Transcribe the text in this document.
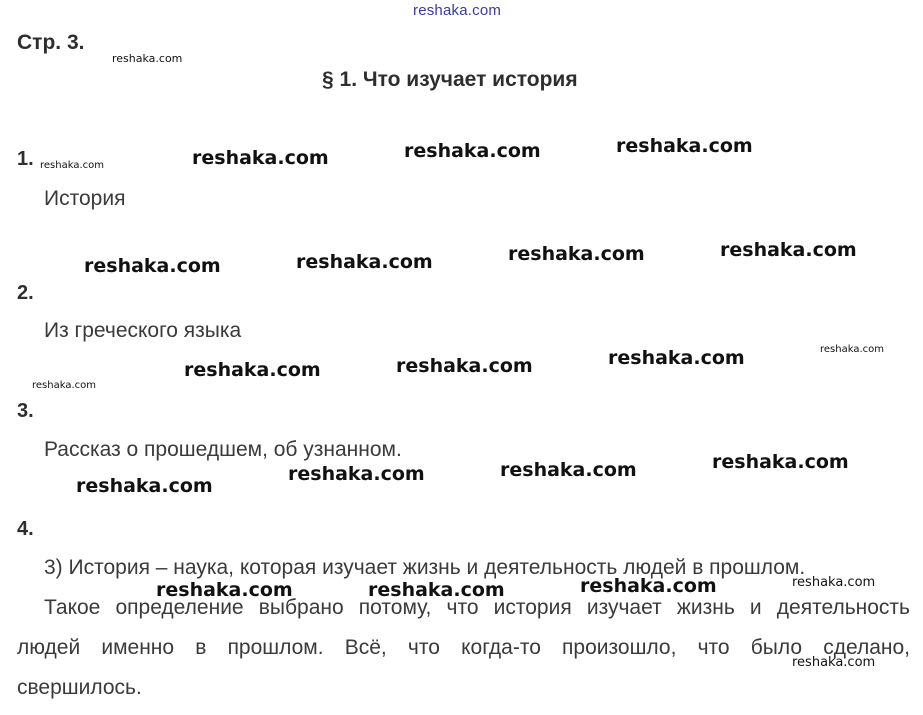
reshaka.com
Стр. 3.
§ 1. Что изучает история
1.
История
2.
Из греческого языка
3.
Рассказ о прошедшем, об узнанном.
4.
3) История – наука, которая изучает жизнь и деятельность людей в прошлом.
Такое определение выбрано потому, что история изучает жизнь и деятельность
людей именно в прошлом. Всё, что когда-то произошло, что было сделано,
свершилось.
reshaka.com
reshaka.com	reshaka.com	reshaka.com	reshaka.com
reshaka.com	reshaka.com	reshaka.com	reshaka.com
reshaka.com
reshaka.com	reshaka.com	reshaka.com	reshaka.com
reshaka.com
reshaka.com	reshaka.com	reshaka.com
reshaka.com	reshaka.com	reshaka.com	reshaka.com
reshaka.com
